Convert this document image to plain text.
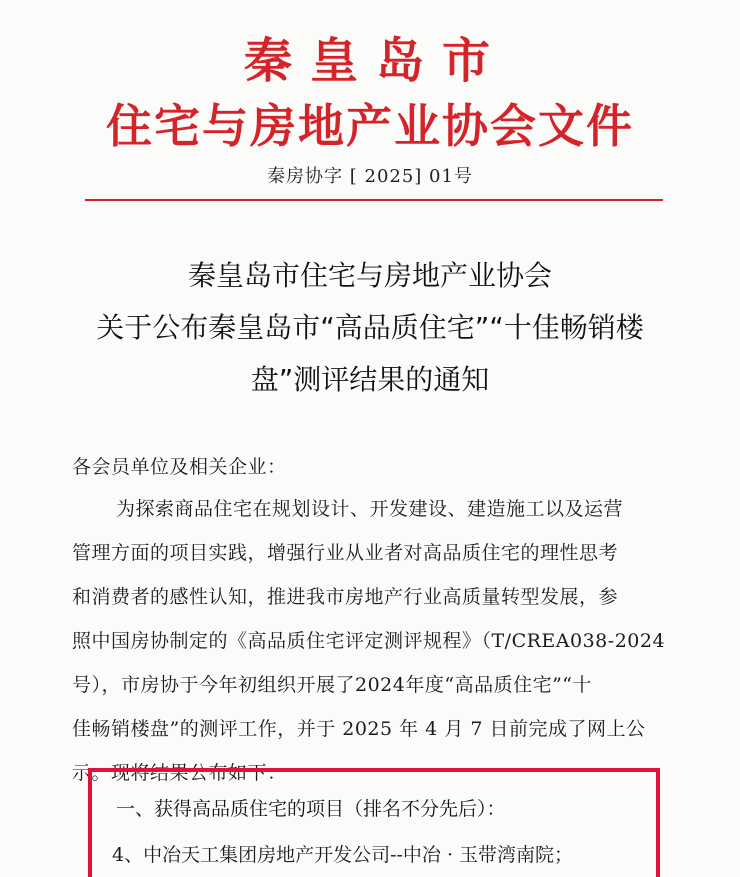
秦皇岛市
住宅与房地产业协会文件
秦房协字 [ 2025] 01号
秦皇岛市住宅与房地产业协会
关于公布秦皇岛市“高品质住宅”“十佳畅销楼
盘”测评结果的通知
各会员单位及相关企业：
为探索商品住宅在规划设计、开发建设、建造施工以及运营
管理方面的项目实践，增强行业从业者对高品质住宅的理性思考
和消费者的感性认知，推进我市房地产行业高质量转型发展，参
照中国房协制定的《高品质住宅评定测评规程》（T/CREA038-2024
号），市房协于今年初组织开展了2024年度“高品质住宅”“十
佳畅销楼盘”的测评工作，并于 2025 年 4 月 7 日前完成了网上公
示。现将结果公布如下：
一、获得高品质住宅的项目（排名不分先后）：
4、中冶天工集团房地产开发公司--中冶 · 玉带湾南院；
